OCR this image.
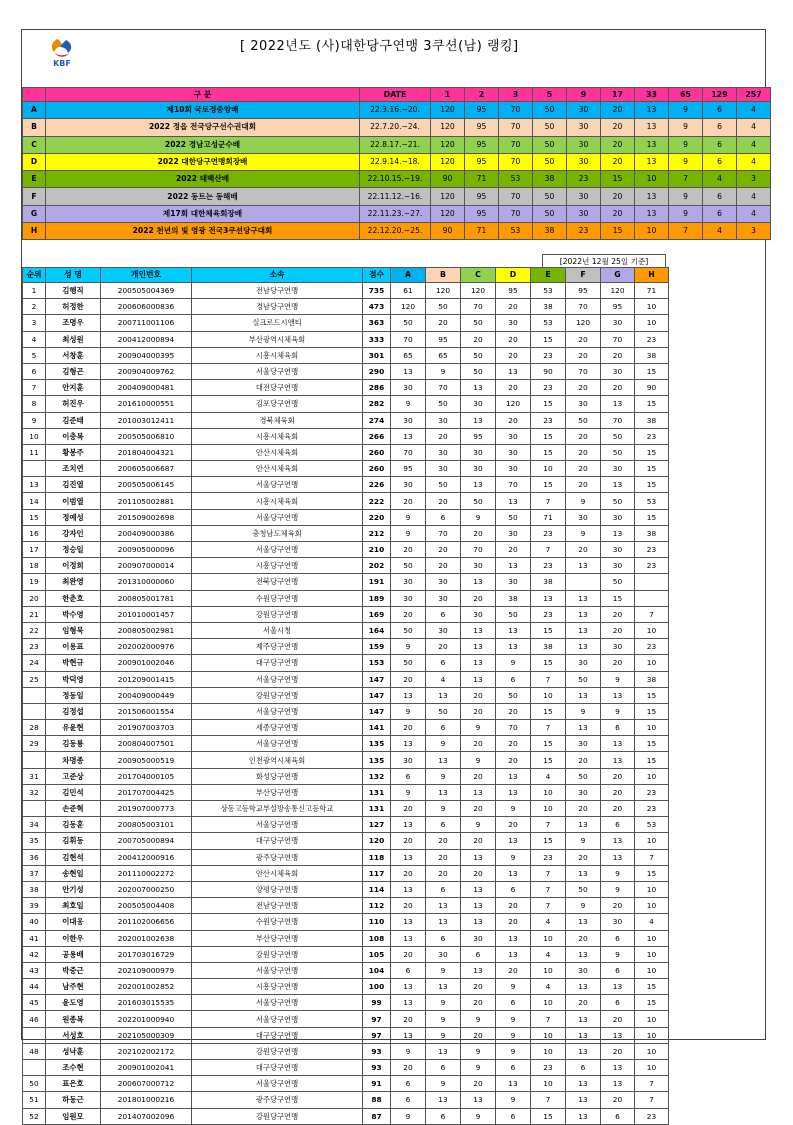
KBF
[ 2022년도 (사)대한당구연맹 3쿠션(남) 랭킹]
	구 분	DATE	1	2	3	5	9	17	33	65	129	257
A	제10회 국토정중앙배	22.3.16.~20.	120	95	70	50	30	20	13	9	6	4
B	2022 정읍 전국당구선수권대회	22.7.20.~24.	120	95	70	50	30	20	13	9	6	4
C	2022 경남고성군수배	22.8.17.~21.	120	95	70	50	30	20	13	9	6	4
D	2022 대한당구연맹회장배	22.9.14.~18.	120	95	70	50	30	20	13	9	6	4
E	2022 태백산배	22.10.15.~19.	90	71	53	38	23	15	10	7	4	3
F	2022 동트는 동해배	22.11.12.~16.	120	95	70	50	30	20	13	9	6	4
G	제17회 대한체육회장배	22.11.23.~27.	120	95	70	50	30	20	13	9	6	4
H	2022 천년의 빛 영광 전국3쿠션당구대회	22.12.20.~25.	90	71	53	38	23	15	10	7	4	3
[2022년 12월 25일 기준]
순위	성 명	개인번호	소속	점수	A	B	C	D	E	F	G	H
1	김행직	200505004369	전남당구연맹	735	61	120	120	95	53	95	120	71
2	허정한	200606000836	경남당구연맹	473	120	50	70	20	38	70	95	10
3	조명우	200711001106	실크로드시앤티	363	50	20	50	30	53	120	30	10
4	최성원	200412000894	부산광역시체육회	333	70	95	20	20	15	20	70	23
5	서창훈	200904000395	시흥시체육회	301	65	65	50	20	23	20	20	38
6	김형곤	200904009762	서울당구연맹	290	13	9	50	13	90	70	30	15
7	안지훈	200409000481	대전당구연맹	286	30	70	13	20	23	20	20	90
8	허진우	201610000551	김포당구연맹	282	9	50	30	120	15	30	13	15
9	김준태	201003012411	경북체육회	274	30	30	13	20	23	50	70	38
10	이충복	200505006810	시흥시체육회	266	13	20	95	30	15	20	50	23
11	황봉주	201804004321	안산시체육회	260	70	30	30	30	15	20	50	15
	조치연	200605006687	안산시체육회	260	95	30	30	30	10	20	30	15
13	김진열	200505006145	서울당구연맹	226	30	50	13	70	15	20	13	15
14	이범열	201105002881	시흥시체육회	222	20	20	50	13	7	9	50	53
15	정예성	201509002698	서울당구연맹	220	9	6	9	50	71	30	30	15
16	강자인	200409000386	충청남도체육회	212	9	70	20	30	23	9	13	38
17	정승일	200905000096	서울당구연맹	210	20	20	70	20	7	20	30	23
18	이정희	200907000014	시흥당구연맹	202	50	20	30	13	23	13	30	23
19	최완영	201310000060	전북당구연맹	191	30	30	13	30	38		50	
20	한춘호	200805001781	수원당구연맹	189	30	30	20	38	13	13	15	
21	박수영	201010001457	강원당구연맹	169	20	6	30	50	23	13	20	7
22	임형묵	200805002981	서울시청	164	50	30	13	13	15	13	20	10
23	이용표	202002000976	제주당구연맹	159	9	20	13	13	38	13	30	23
24	박현규	200901002046	대구당구연맹	153	50	6	13	9	15	30	20	10
25	박덕영	201209001415	서울당구연맹	147	20	4	13	6	7	50	9	38
	정동일	200409000449	강원당구연맹	147	13	13	20	50	10	13	13	15
	김정섭	201506001554	서울당구연맹	147	9	50	20	20	15	9	9	15
28	유윤현	201907003703	세종당구연맹	141	20	6	9	70	7	13	6	10
29	김동룡	200804007501	서울당구연맹	135	13	9	20	20	15	30	13	15
	차명종	200905000519	인천광역시체육회	135	30	13	9	20	15	20	13	15
31	고준상	201704000105	화성당구연맹	132	6	9	20	13	4	50	20	10
32	김민석	201707004425	부산당구연맹	131	9	13	13	13	10	30	20	23
	손준혁	201907000773	상동고등학교부설방송통신고등학교	131	20	9	20	9	10	20	20	23
34	김동훈	200805003101	서울당구연맹	127	13	6	9	20	7	13	6	53
35	김휘동	200705000894	대구당구연맹	120	20	20	20	13	15	9	13	10
36	김현석	200412000916	광주당구연맹	118	13	20	13	9	23	20	13	7
37	송현일	201110002272	안산시체육회	117	20	20	20	13	7	13	9	15
38	안기성	202007000250	양평당구연맹	114	13	6	13	6	7	50	9	10
39	최호일	200505004408	전남당구연맹	112	20	13	13	20	7	9	20	10
40	이대웅	201102006656	수원당구연맹	110	13	13	13	20	4	13	30	4
41	이한우	202001002638	부산당구연맹	108	13	6	30	13	10	20	6	10
42	공용배	201703016729	강원당구연맹	105	20	30	6	13	4	13	9	10
43	박중근	202109000979	서울당구연맹	104	6	9	13	20	10	30	6	10
44	남주현	202001002852	시흥당구연맹	100	13	13	20	9	4	13	13	15
45	윤도영	201603015535	서울당구연맹	99	13	9	20	6	10	20	6	15
46	원종복	202201000940	서울당구연맹	97	20	9	9	9	7	13	20	10
	서성호	202105000309	대구당구연맹	97	13	9	20	9	10	13	13	10
48	성낙훈	202102002172	강원당구연맹	93	9	13	9	9	10	13	20	10
	조수현	200901002041	대구당구연맹	93	20	6	9	6	23	6	13	10
50	표은호	200607000712	서울당구연맹	91	6	9	20	13	10	13	13	7
51	하동근	201801000216	광주당구연맹	88	6	13	13	9	7	13	20	7
52	임원모	201407002096	강원당구연맹	87	9	6	9	6	15	13	6	23
